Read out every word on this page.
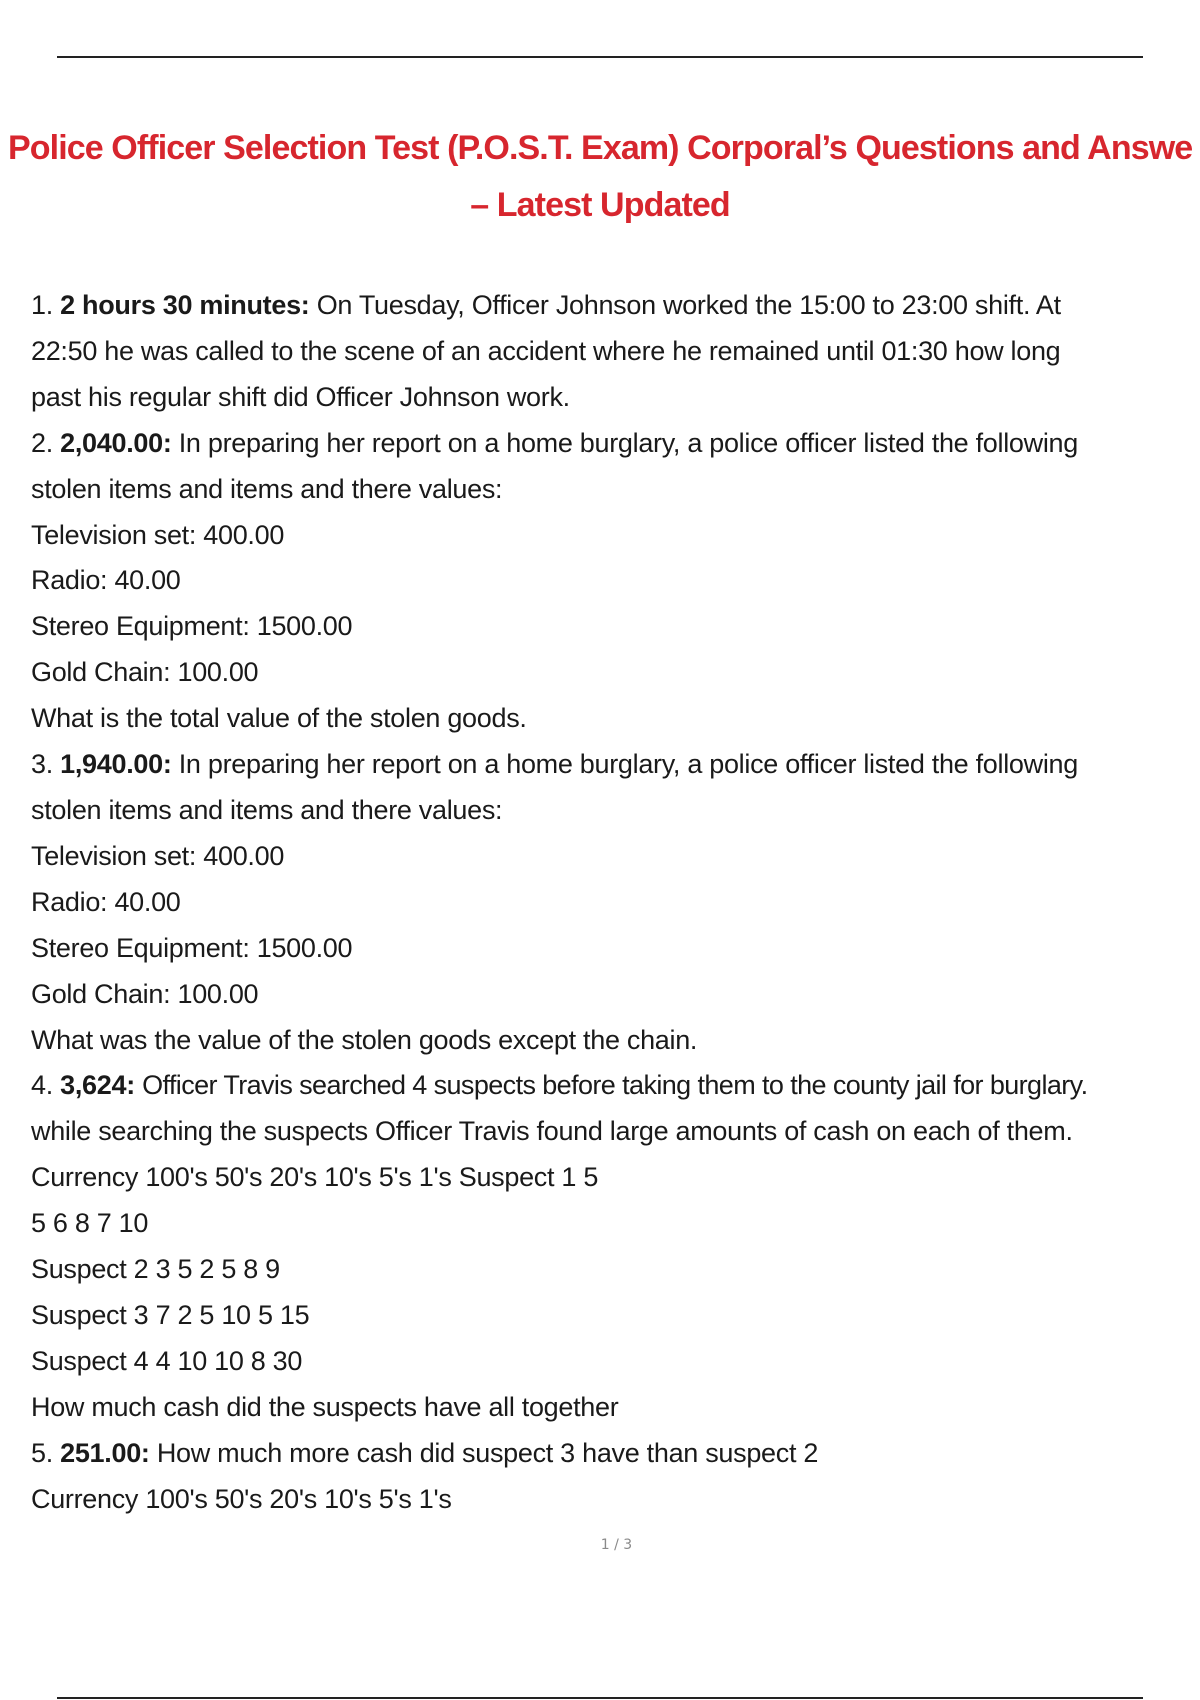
Police Officer Selection Test (P.O.S.T. Exam) Corporal’s Questions and Answe
– Latest Updated
1. 2 hours 30 minutes: On Tuesday, Officer Johnson worked the 15:00 to 23:00 shift. At
22:50 he was called to the scene of an accident where he remained until 01:30 how long
past his regular shift did Officer Johnson work.
2. 2,040.00: In preparing her report on a home burglary, a police officer listed the following
stolen items and items and there values:
Television set: 400.00
Radio: 40.00
Stereo Equipment: 1500.00
Gold Chain: 100.00
What is the total value of the stolen goods.
3. 1,940.00: In preparing her report on a home burglary, a police officer listed the following
stolen items and items and there values:
Television set: 400.00
Radio: 40.00
Stereo Equipment: 1500.00
Gold Chain: 100.00
What was the value of the stolen goods except the chain.
4. 3,624: Officer Travis searched 4 suspects before taking them to the county jail for burglary.
while searching the suspects Officer Travis found large amounts of cash on each of them.
Currency 100's 50's 20's 10's 5's 1's Suspect 1 5
5 6 8 7 10
Suspect 2 3 5 2 5 8 9
Suspect 3 7 2 5 10 5 15
Suspect 4 4 10 10 8 30
How much cash did the suspects have all together
5. 251.00: How much more cash did suspect 3 have than suspect 2
Currency 100's 50's 20's 10's 5's 1's
1 / 3
